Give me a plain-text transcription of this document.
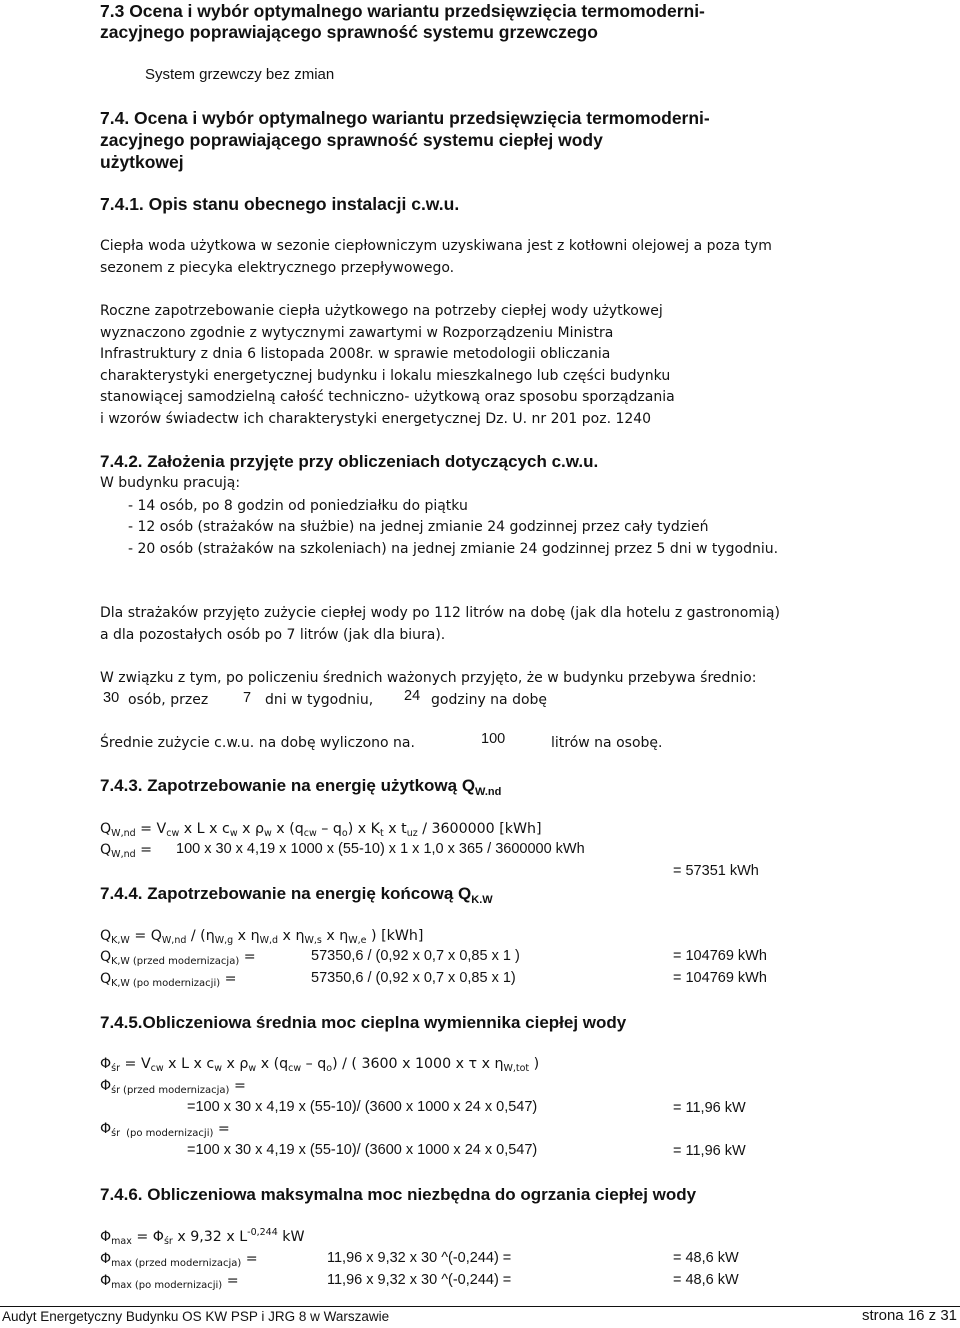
7.3 Ocena i wybór optymalnego wariantu przedsięwzięcia termomoderni-
zacyjnego poprawiającego sprawność systemu grzewczego
System grzewczy bez zmian
7.4. Ocena i wybór optymalnego wariantu przedsięwzięcia termomoderni-
zacyjnego poprawiającego sprawność systemu ciepłej wody
użytkowej
7.4.1. Opis stanu obecnego instalacji c.w.u.
Ciepła woda użytkowa w sezonie ciepłowniczym uzyskiwana jest z kotłowni olejowej a poza tym
sezonem z piecyka elektrycznego przepływowego.
Roczne zapotrzebowanie ciepła użytkowego na potrzeby ciepłej wody użytkowej
wyznaczono zgodnie z wytycznymi zawartymi w Rozporządzeniu Ministra
Infrastruktury z dnia 6 listopada 2008r. w sprawie metodologii obliczania
charakterystyki energetycznej budynku i lokalu mieszkalnego lub części budynku
stanowiącej samodzielną całość techniczno- użytkową oraz sposobu sporządzania
i wzorów świadectw ich charakterystyki energetycznej Dz. U. nr 201 poz. 1240
7.4.2. Założenia przyjęte przy obliczeniach dotyczących c.w.u.
W budynku pracują:
- 14 osób, po 8 godzin od poniedziałku do piątku
- 12 osób (strażaków na służbie) na jednej zmianie 24 godzinnej przez cały tydzień
- 20 osób (strażaków na szkoleniach) na jednej zmianie 24 godzinnej przez 5 dni w tygodniu.
Dla strażaków przyjęto zużycie ciepłej wody po 112 litrów na dobę (jak dla hotelu z gastronomią)
a dla pozostałych osób po 7 litrów (jak dla biura).
W związku z tym, po policzeniu średnich ważonych przyjęto, że w budynku przebywa średnio:
30 osób, przez 7 dni w tygodniu, 24 godziny na dobę
Średnie zużycie c.w.u. na dobę wyliczono na.	100	litrów na osobę.
7.4.3. Zapotrzebowanie na energię użytkową $Q_{W.nd}$
$Q_{W,nd} = V_{cw}$ x L x $c_w$ x $\rho_w$ x $(q_{cw} - q_o)$ x $K_t$ x $t_{uz} / 3600000$ [kWh]
$Q_{W,nd} = 100$ x 30 x 4,19 x 1000 x (55-10) x 1 x 1,0 x 365 / 3600000 kWh
= 57351 kWh
7.4.4. Zapotrzebowanie na energię końcową $Q_{K.W}$
$Q_{K,W} = Q_{W,nd} / (\eta_{W,g}$ x $\eta_{W,d}$ x $\eta_{W,s}$ x $\eta_{W,e}$ ) [kWh]
$Q_{K,W (przed modernizacja)}$ =	57350,6 / (0,92 x 0,7 x 0,85 x 1 )	= 104769 kWh
$Q_{K,W (po modernizacji)}$ =	57350,6 / (0,92 x 0,7 x 0,85 x 1)	= 104769 kWh
7.4.5.Obliczeniowa średnia moc cieplna wymiennika ciepłej wody
$\Phi_{śr} = V_{cw}$ x L x $c_w$ x $\rho_w$ x $(q_{cw} - q_o)$ / ( 3600 x 1000 x τ x $\eta_{W,tot}$ )
$\Phi_{śr (przed modernizacja)}$ =
=100 x 30 x 4,19 x (55-10)/ (3600 x 1000 x 24 x 0,547)	= 11,96 kW
$\Phi_{śr (po modernizacji)}$ =
=100 x 30 x 4,19 x (55-10)/ (3600 x 1000 x 24 x 0,547)	= 11,96 kW
7.4.6. Obliczeniowa maksymalna moc niezbędna do ogrzania ciepłej wody
$\Phi_{max} = \Phi_{śr}$ x 9,32 x $L^{-0,244}$ kW
$\Phi_{max (przed modernizacja)}$ =	11,96 x 9,32 x 30 ^(-0,244) =	= 48,6 kW
$\Phi_{max (po modernizacji)}$ =	11,96 x 9,32 x 30 ^(-0,244) =	= 48,6 kW
Audyt Energetyczny Budynku OS KW PSP i JRG 8 w Warszawie	strona 16 z 31
